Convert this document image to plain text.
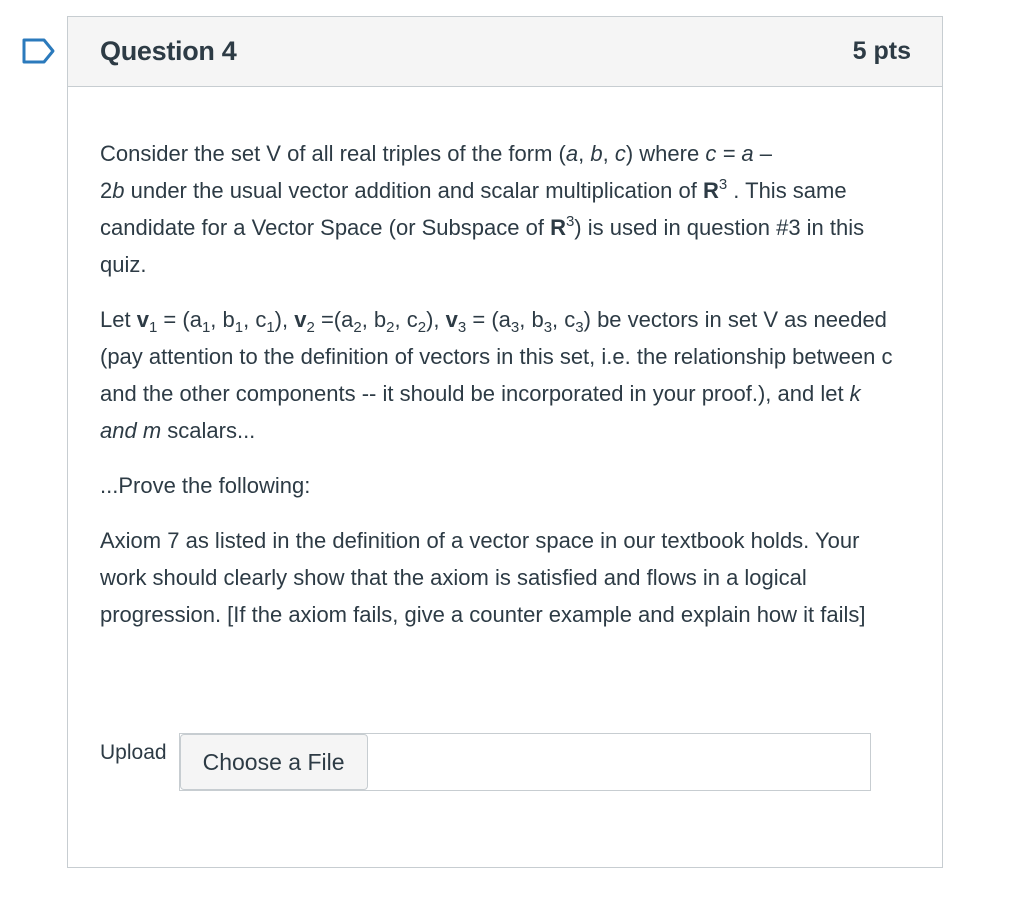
Question 4	5 pts

Consider the set V of all real triples of the form (a, b, c) where c = a –
2b under the usual vector addition and scalar multiplication of $R^3$ . This same candidate for a Vector Space (or Subspace of $R^3$) is used in question #3 in this quiz.

Let $v_1 = (a_1$, $b_1$, $c_1$), $v_2 =(a_2$, $b_2$, $c_2$), $v_3 = (a_3$, $b_3$, $c_3$) be vectors in set V as needed (pay attention to the definition of vectors in this set, i.e. the relationship between c and the other components -- it should be incorporated in your proof.), and let k and m scalars...

...Prove the following:

Axiom 7 as listed in the definition of a vector space in our textbook holds. Your work should clearly show that the axiom is satisfied and flows in a logical progression. [If the axiom fails, give a counter example and explain how it fails]

Upload	Choose a File
